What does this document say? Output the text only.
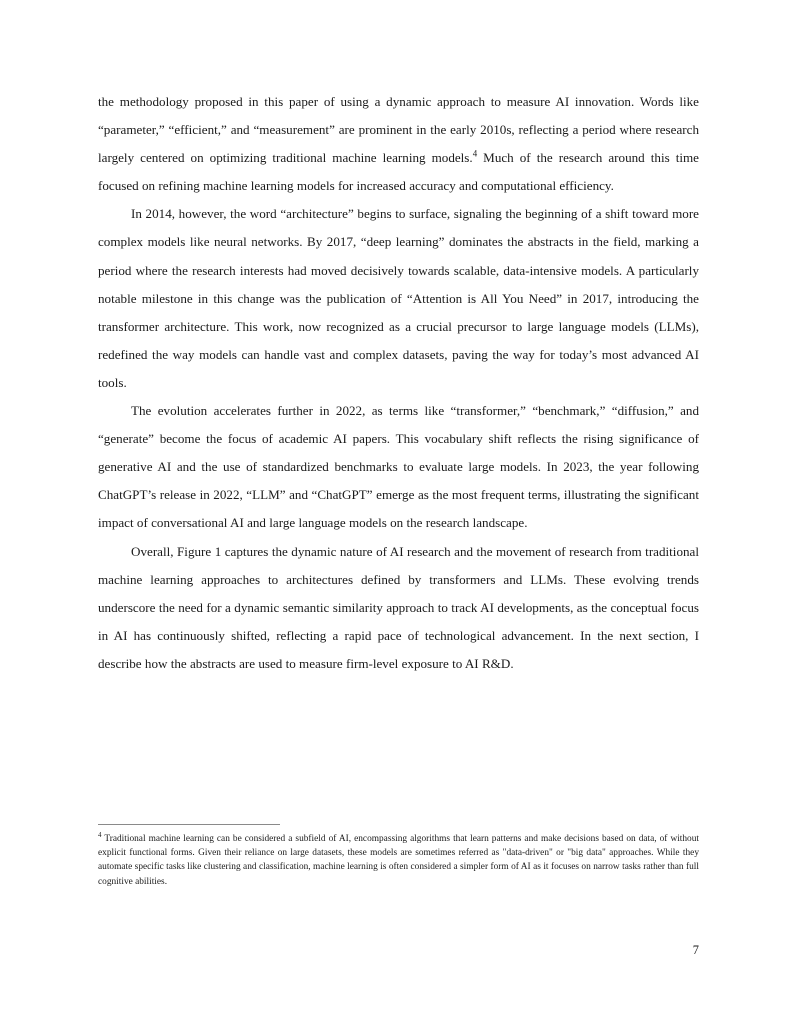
the methodology proposed in this paper of using a dynamic approach to measure AI innovation. Words like “parameter,” “efficient,” and “measurement” are prominent in the early 2010s, reflecting a period where research largely centered on optimizing traditional machine learning models.$^4$ Much of the research around this time focused on refining machine learning models for increased accuracy and computational efficiency.

In 2014, however, the word “architecture” begins to surface, signaling the beginning of a shift toward more complex models like neural networks. By 2017, “deep learning” dominates the abstracts in the field, marking a period where the research interests had moved decisively towards scalable, data-intensive models. A particularly notable milestone in this change was the publication of “Attention is All You Need” in 2017, introducing the transformer architecture. This work, now recognized as a crucial precursor to large language models (LLMs), redefined the way models can handle vast and complex datasets, paving the way for today’s most advanced AI tools.

The evolution accelerates further in 2022, as terms like “transformer,” “benchmark,” “diffusion,” and “generate” become the focus of academic AI papers. This vocabulary shift reflects the rising significance of generative AI and the use of standardized benchmarks to evaluate large models. In 2023, the year following ChatGPT’s release in 2022, “LLM” and “ChatGPT” emerge as the most frequent terms, illustrating the significant impact of conversational AI and large language models on the research landscape.

Overall, Figure 1 captures the dynamic nature of AI research and the movement of research from traditional machine learning approaches to architectures defined by transformers and LLMs. These evolving trends underscore the need for a dynamic semantic similarity approach to track AI developments, as the conceptual focus in AI has continuously shifted, reflecting a rapid pace of technological advancement. In the next section, I describe how the abstracts are used to measure firm-level exposure to AI R&D.

$^4$ Traditional machine learning can be considered a subfield of AI, encompassing algorithms that learn patterns and make decisions based on data, of without explicit functional forms. Given their reliance on large datasets, these models are sometimes referred as "data-driven" or "big data" approaches. While they automate specific tasks like clustering and classification, machine learning is often considered a simpler form of AI as it focuses on narrow tasks rather than full cognitive abilities.

7
